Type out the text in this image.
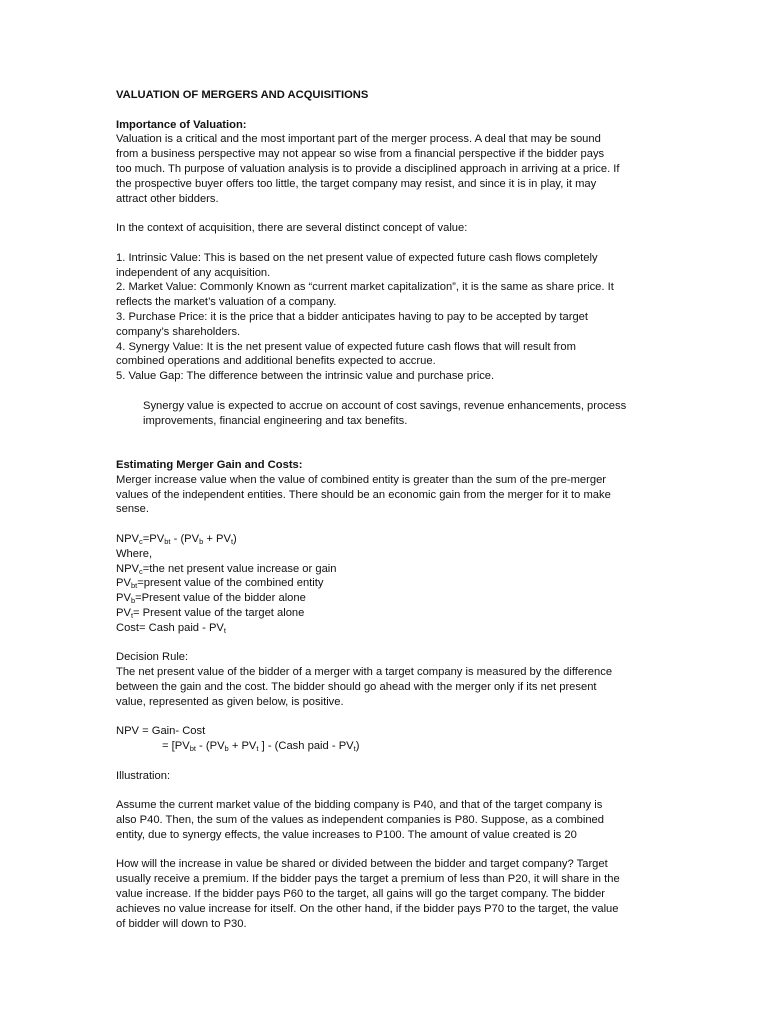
VALUATION OF MERGERS AND ACQUISITIONS

Importance of Valuation:

Valuation is a critical and the most important part of the merger process. A deal that may be sound

from a business perspective may not appear so wise from a financial perspective if the bidder pays

too much. Th purpose of valuation analysis is to provide a disciplined approach in arriving at a price. If

the prospective buyer offers too little, the target company may resist, and since it is in play, it may

attract other bidders.

In the context of acquisition, there are several distinct concept of value:

1. Intrinsic Value: This is based on the net present value of expected future cash flows completely

independent of any acquisition.

2. Market Value: Commonly Known as “current market capitalization”, it is the same as share price. It

reflects the market’s valuation of a company.

3. Purchase Price: it is the price that a bidder anticipates having to pay to be accepted by target

company’s shareholders.

4. Synergy Value: It is the net present value of expected future cash flows that will result from

combined operations and additional benefits expected to accrue.

5. Value Gap: The difference between the intrinsic value and purchase price.

Synergy value is expected to accrue on account of cost savings, revenue enhancements, process

improvements, financial engineering and tax benefits.

Estimating Merger Gain and Costs:

Merger increase value when the value of combined entity is greater than the sum of the pre-merger

values of the independent entities. There should be an economic gain from the merger for it to make

sense.

$NPV_c=PV_{bt} - (PV_b + PV_t)$

Where,

$NPV_c=the$ net present value increase or gain

$PV_{bt}=present$ value of the combined entity

$PV_b=Present$ value of the bidder alone

$PV_t=$ Present value of the target alone

Cost= Cash paid - $PV_t$

Decision Rule:

The net present value of the bidder of a merger with a target company is measured by the difference

between the gain and the cost. The bidder should go ahead with the merger only if its net present

value, represented as given below, is positive.

NPV = Gain- Cost

= [$PV_{bt} - (PV_b + PV_t$ ] - (Cash paid - $PV_t$)

Illustration:

Assume the current market value of the bidding company is P40, and that of the target company is

also P40. Then, the sum of the values as independent companies is P80. Suppose, as a combined

entity, due to synergy effects, the value increases to P100. The amount of value created is 20

How will the increase in value be shared or divided between the bidder and target company? Target

usually receive a premium. If the bidder pays the target a premium of less than P20, it will share in the

value increase. If the bidder pays P60 to the target, all gains will go the target company. The bidder

achieves no value increase for itself. On the other hand, if the bidder pays P70 to the target, the value

of bidder will down to P30.
